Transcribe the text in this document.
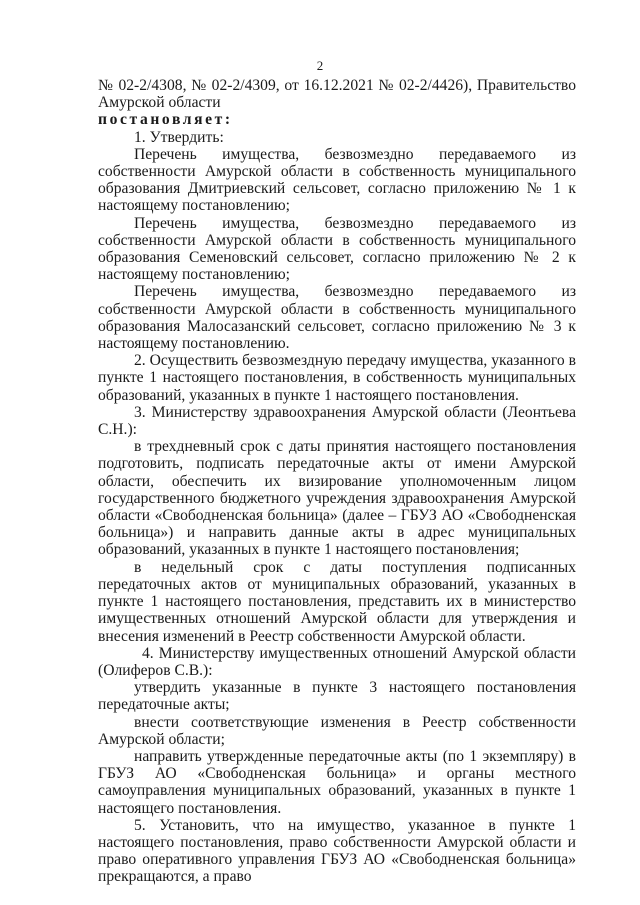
2

№ 02-2/4308, № 02-2/4309, от 16.12.2021 № 02-2/4426), Правительство Амурской области

постановляет:

1. Утвердить:

Перечень имущества, безвозмездно передаваемого из собственности Амурской области в собственность муниципального образования Дмитриевский сельсовет, согласно приложению № 1 к настоящему постановлению;

Перечень имущества, безвозмездно передаваемого из собственности Амурской области в собственность муниципального образования Семеновский сельсовет, согласно приложению № 2 к настоящему постановлению;

Перечень имущества, безвозмездно передаваемого из собственности Амурской области в собственность муниципального образования Малосазанский сельсовет, согласно приложению № 3 к настоящему постановлению.

2. Осуществить безвозмездную передачу имущества, указанного в пункте 1 настоящего постановления, в собственность муниципальных образований, указанных в пункте 1 настоящего постановления.

3. Министерству здравоохранения Амурской области (Леонтьева С.Н.):

в трехдневный срок с даты принятия настоящего постановления подготовить, подписать передаточные акты от имени Амурской области, обеспечить их визирование уполномоченным лицом государственного бюджетного учреждения здравоохранения Амурской области «Свободненская больница» (далее – ГБУЗ АО «Свободненская больница») и направить данные акты в адрес муниципальных образований, указанных в пункте 1 настоящего постановления;

в недельный срок с даты поступления подписанных передаточных актов от муниципальных образований, указанных в пункте 1 настоящего постановления, представить их в министерство имущественных отношений Амурской области для утверждения и внесения изменений в Реестр собственности Амурской области.

4. Министерству имущественных отношений Амурской области (Олиферов С.В.):

утвердить указанные в пункте 3 настоящего постановления передаточные акты;

внести соответствующие изменения в Реестр собственности Амурской области;

направить утвержденные передаточные акты (по 1 экземпляру) в ГБУЗ АО «Свободненская больница» и органы местного самоуправления муниципальных образований, указанных в пункте 1 настоящего постановления.

5. Установить, что на имущество, указанное в пункте 1 настоящего постановления, право собственности Амурской области и право оперативного управления ГБУЗ АО «Свободненская больница» прекращаются, а право
